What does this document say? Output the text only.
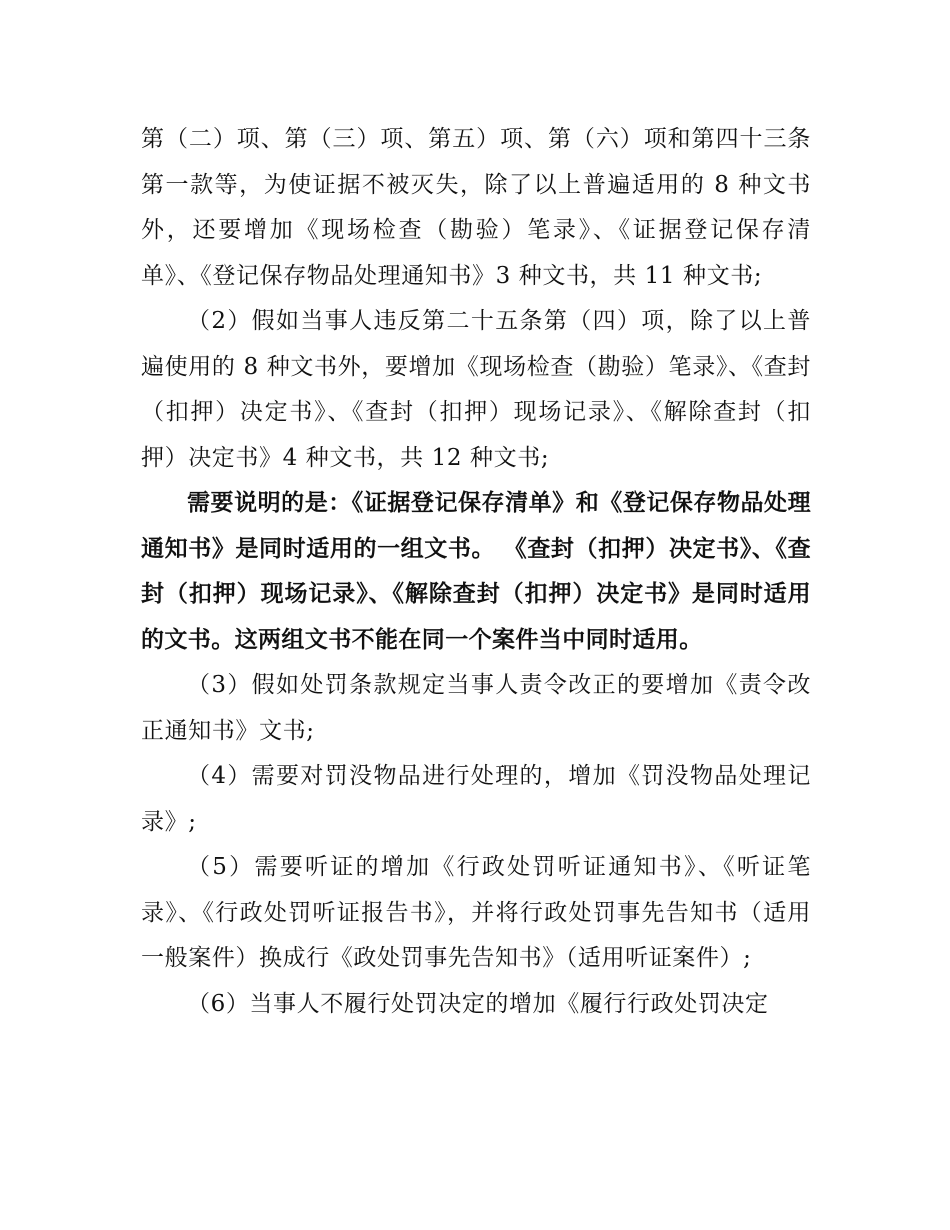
第（二）项、第（三）项、第五）项、第（六）项和第四十三条第一款等，为使证据不被灭失，除了以上普遍适用的 8 种文书外，还要增加《现场检查（勘验）笔录》、《证据登记保存清单》、《登记保存物品处理通知书》3 种文书，共 11 种文书;

（2）假如当事人违反第二十五条第（四）项，除了以上普遍使用的 8 种文书外，要增加《现场检查（勘验）笔录》、《查封（扣押）决定书》、《查封（扣押）现场记录》、《解除查封（扣押）决定书》4 种文书，共 12 种文书;

需要说明的是：《证据登记保存清单》和《登记保存物品处理通知书》是同时适用的一组文书。 《查封（扣押）决定书》、《查封（扣押）现场记录》、《解除查封（扣押）决定书》是同时适用的文书。这两组文书不能在同一个案件当中同时适用。

（3）假如处罚条款规定当事人责令改正的要增加《责令改正通知书》文书;

（4）需要对罚没物品进行处理的，增加《罚没物品处理记录》;

（5）需要听证的增加《行政处罚听证通知书》、《听证笔录》、《行政处罚听证报告书》，并将行政处罚事先告知书（适用一般案件）换成行《政处罚事先告知书》（适用听证案件）;

（6）当事人不履行处罚决定的增加《履行行政处罚决定
